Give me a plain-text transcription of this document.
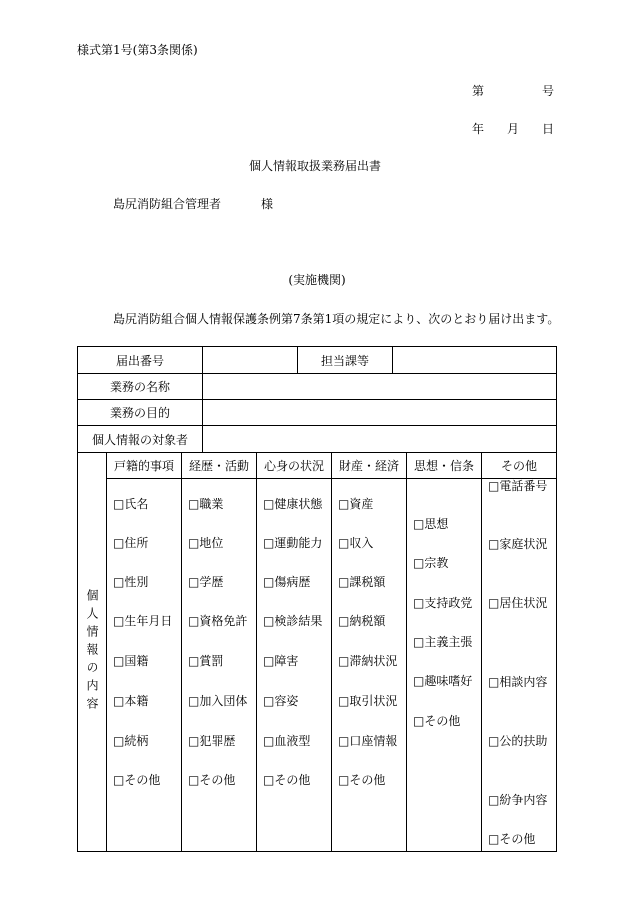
様式第1号(第3条関係)
第	号
年 月 日
個人情報取扱業務届出書
島尻消防組合管理者	様
(実施機関)
島尻消防組合個人情報保護条例第7条第1項の規定により、次のとおり届け出ます。
届出番号	担当課等
業務の名称
業務の目的
個人情報の対象者
個人情報の内容
戸籍的事項	経歴・活動	心身の状況	財産・経済	思想・信条	その他
□氏名
□住所
□性別
□生年月日
□国籍
□本籍
□続柄
□その他
□職業
□地位
□学歴
□資格免許
□賞罰
□加入団体
□犯罪歴
□その他
□健康状態
□運動能力
□傷病歴
□検診結果
□障害
□容姿
□血液型
□その他
□資産
□収入
□課税額
□納税額
□滞納状況
□取引状況
□口座情報
□その他
□思想
□宗教
□支持政党
□主義主張
□趣味嗜好
□その他
□電話番号
□家庭状況
□居住状況
□相談内容
□公的扶助
□紛争内容
□その他
